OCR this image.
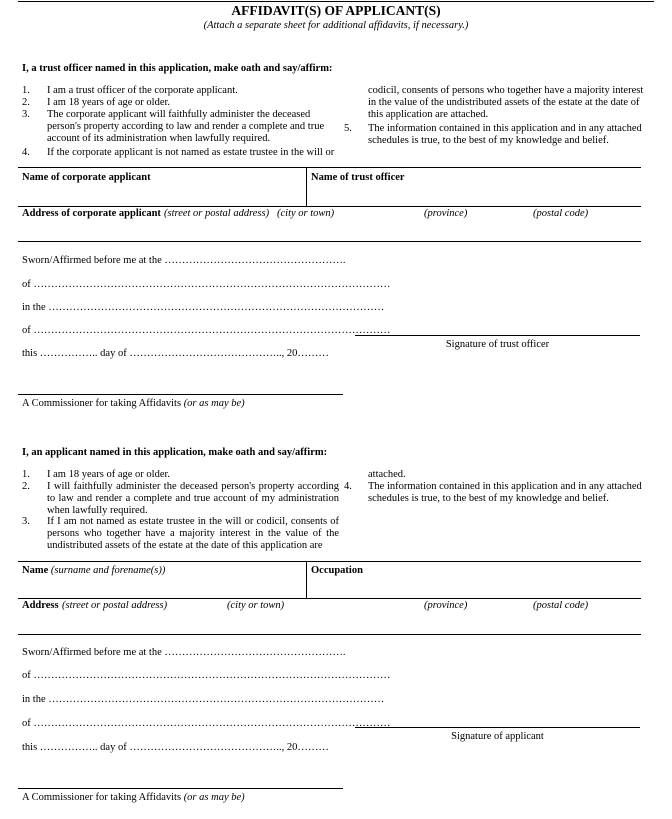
AFFIDAVIT(S) OF APPLICANT(S)
(Attach a separate sheet for additional affidavits, if necessary.)
I, a trust officer named in this application, make oath and say/affirm:
1. I am a trust officer of the corporate applicant.
2. I am 18 years of age or older.
3. The corporate applicant will faithfully administer the deceased person's property according to law and render a complete and true account of its administration when lawfully required.
4. If the corporate applicant is not named as estate trustee in the will or
codicil, consents of persons who together have a majority interest in the value of the undistributed assets of the estate at the date of this application are attached.
5. The information contained in this application and in any attached schedules is true, to the best of my knowledge and belief.
Name of corporate applicant	Name of trust officer
Address of corporate applicant (street or postal address) (city or town)	(province)	(postal code)
Sworn/Affirmed before me at the …………………………………………….
of …………………………………………………………………………………………
in the ……………………………………………………………………………………
of …………………………………………………………………………………………
this …………….. day of …………………………………….., 20………
Signature of trust officer
A Commissioner for taking Affidavits (or as may be)
I, an applicant named in this application, make oath and say/affirm:
1. I am 18 years of age or older.
2. I will faithfully administer the deceased person's property according to law and render a complete and true account of my administration when lawfully required.
3. If I am not named as estate trustee in the will or codicil, consents of persons who together have a majority interest in the value of the undistributed assets of the estate at the date of this application are
attached.
4. The information contained in this application and in any attached schedules is true, to the best of my knowledge and belief.
Name (surname and forename(s))	Occupation
Address (street or postal address)	(city or town)	(province)	(postal code)
Sworn/Affirmed before me at the …………………………………………….
of …………………………………………………………………………………………
in the ……………………………………………………………………………………
of …………………………………………………………………………………………
this …………….. day of …………………………………….., 20………
Signature of applicant
A Commissioner for taking Affidavits (or as may be)
